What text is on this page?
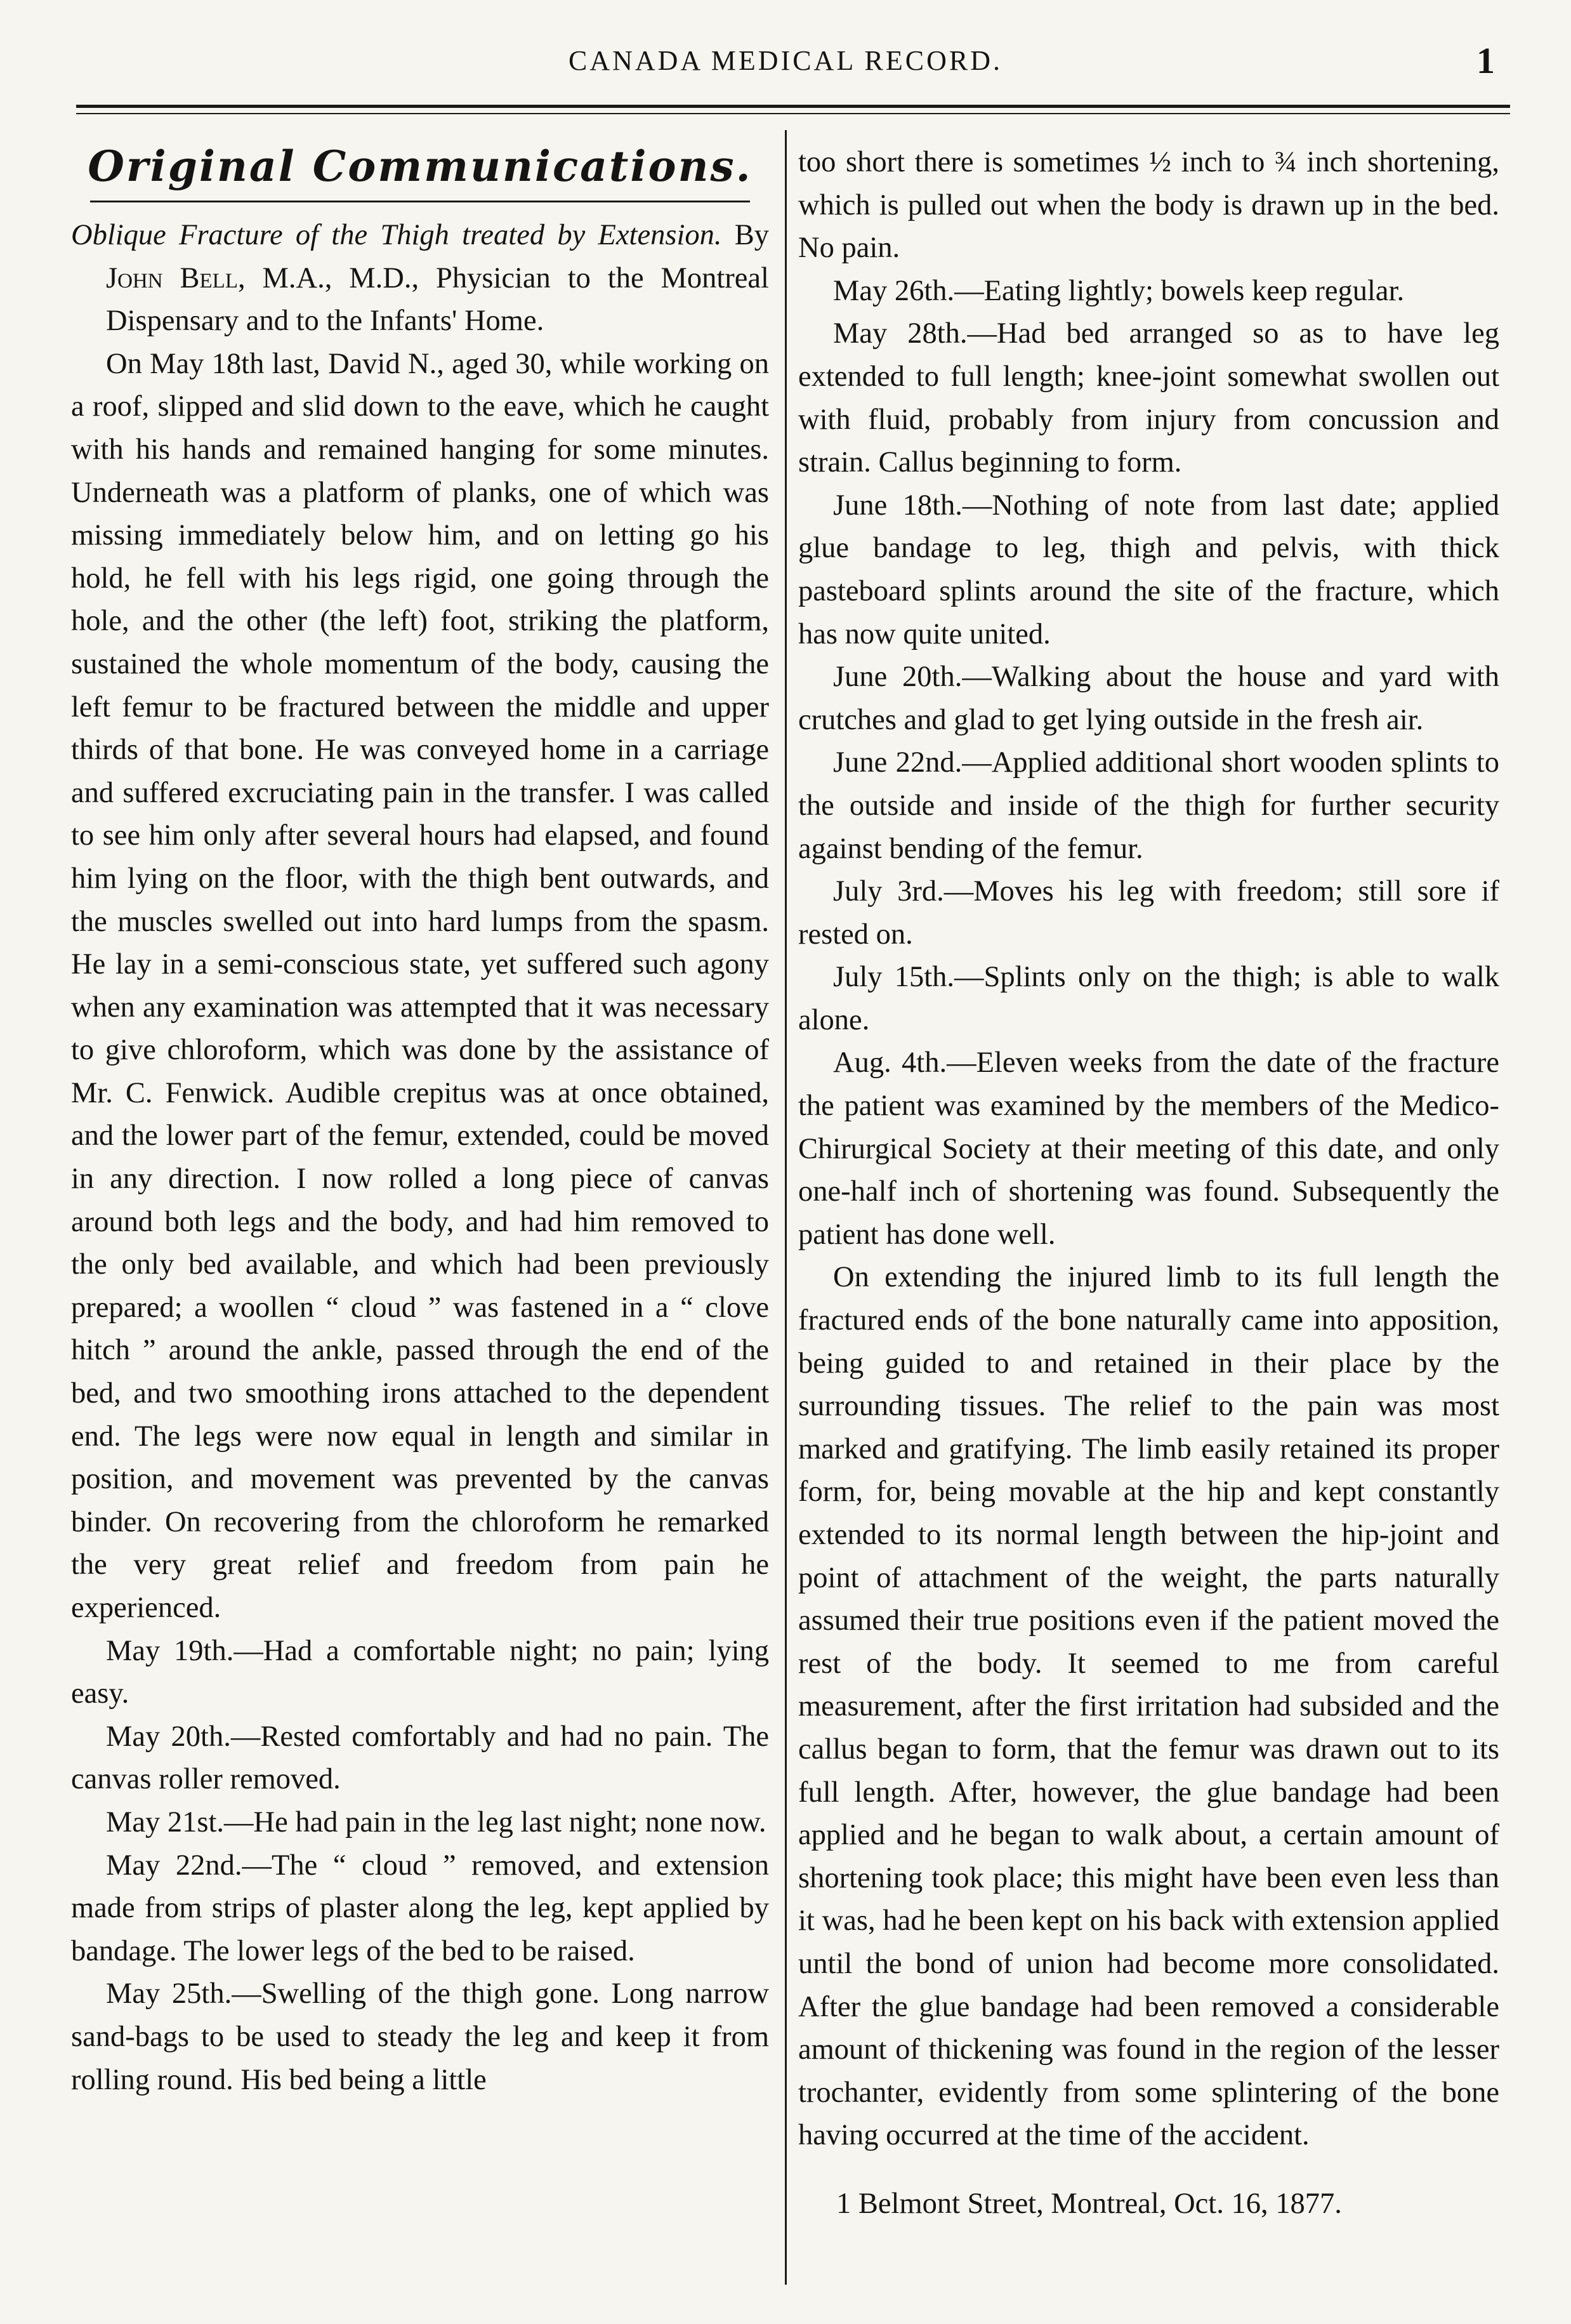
CANADA MEDICAL RECORD.	1
Original Communications.

Oblique Fracture of the Thigh treated by Extension. By John Bell, M.A., M.D., Physician to the Montreal Dispensary and to the Infants' Home.

On May 18th last, David N., aged 30, while working on a roof, slipped and slid down to the eave, which he caught with his hands and remained hanging for some minutes. Underneath was a platform of planks, one of which was missing immediately below him, and on letting go his hold, he fell with his legs rigid, one going through the hole, and the other (the left) foot, striking the platform, sustained the whole momentum of the body, causing the left femur to be fractured between the middle and upper thirds of that bone. He was conveyed home in a carriage and suffered excruciating pain in the transfer. I was called to see him only after several hours had elapsed, and found him lying on the floor, with the thigh bent outwards, and the muscles swelled out into hard lumps from the spasm. He lay in a semi-conscious state, yet suffered such agony when any examination was attempted that it was necessary to give chloroform, which was done by the assistance of Mr. C. Fenwick. Audible crepitus was at once obtained, and the lower part of the femur, extended, could be moved in any direction. I now rolled a long piece of canvas around both legs and the body, and had him removed to the only bed available, and which had been previously prepared; a woollen “ cloud ” was fastened in a “ clove hitch ” around the ankle, passed through the end of the bed, and two smoothing irons attached to the dependent end. The legs were now equal in length and similar in position, and movement was prevented by the canvas binder. On recovering from the chloroform he remarked the very great relief and freedom from pain he experienced.

May 19th.—Had a comfortable night; no pain; lying easy.

May 20th.—Rested comfortably and had no pain. The canvas roller removed.

May 21st.—He had pain in the leg last night; none now.

May 22nd.—The “ cloud ” removed, and extension made from strips of plaster along the leg, kept applied by bandage. The lower legs of the bed to be raised.

May 25th.—Swelling of the thigh gone. Long narrow sand-bags to be used to steady the leg and keep it from rolling round. His bed being a little

too short there is sometimes ½ inch to ¾ inch shortening, which is pulled out when the body is drawn up in the bed. No pain.

May 26th.—Eating lightly; bowels keep regular.

May 28th.—Had bed arranged so as to have leg extended to full length; knee-joint somewhat swollen out with fluid, probably from injury from concussion and strain. Callus beginning to form.

June 18th.—Nothing of note from last date; applied glue bandage to leg, thigh and pelvis, with thick pasteboard splints around the site of the fracture, which has now quite united.

June 20th.—Walking about the house and yard with crutches and glad to get lying outside in the fresh air.

June 22nd.—Applied additional short wooden splints to the outside and inside of the thigh for further security against bending of the femur.

July 3rd.—Moves his leg with freedom; still sore if rested on.

July 15th.—Splints only on the thigh; is able to walk alone.

Aug. 4th.—Eleven weeks from the date of the fracture the patient was examined by the members of the Medico-Chirurgical Society at their meeting of this date, and only one-half inch of shortening was found. Subsequently the patient has done well.

On extending the injured limb to its full length the fractured ends of the bone naturally came into apposition, being guided to and retained in their place by the surrounding tissues. The relief to the pain was most marked and gratifying. The limb easily retained its proper form, for, being movable at the hip and kept constantly extended to its normal length between the hip-joint and point of attachment of the weight, the parts naturally assumed their true positions even if the patient moved the rest of the body. It seemed to me from careful measurement, after the first irritation had subsided and the callus began to form, that the femur was drawn out to its full length. After, however, the glue bandage had been applied and he began to walk about, a certain amount of shortening took place; this might have been even less than it was, had he been kept on his back with extension applied until the bond of union had become more consolidated. After the glue bandage had been removed a considerable amount of thickening was found in the region of the lesser trochanter, evidently from some splintering of the bone having occurred at the time of the accident.

1 Belmont Street, Montreal, Oct. 16, 1877.
